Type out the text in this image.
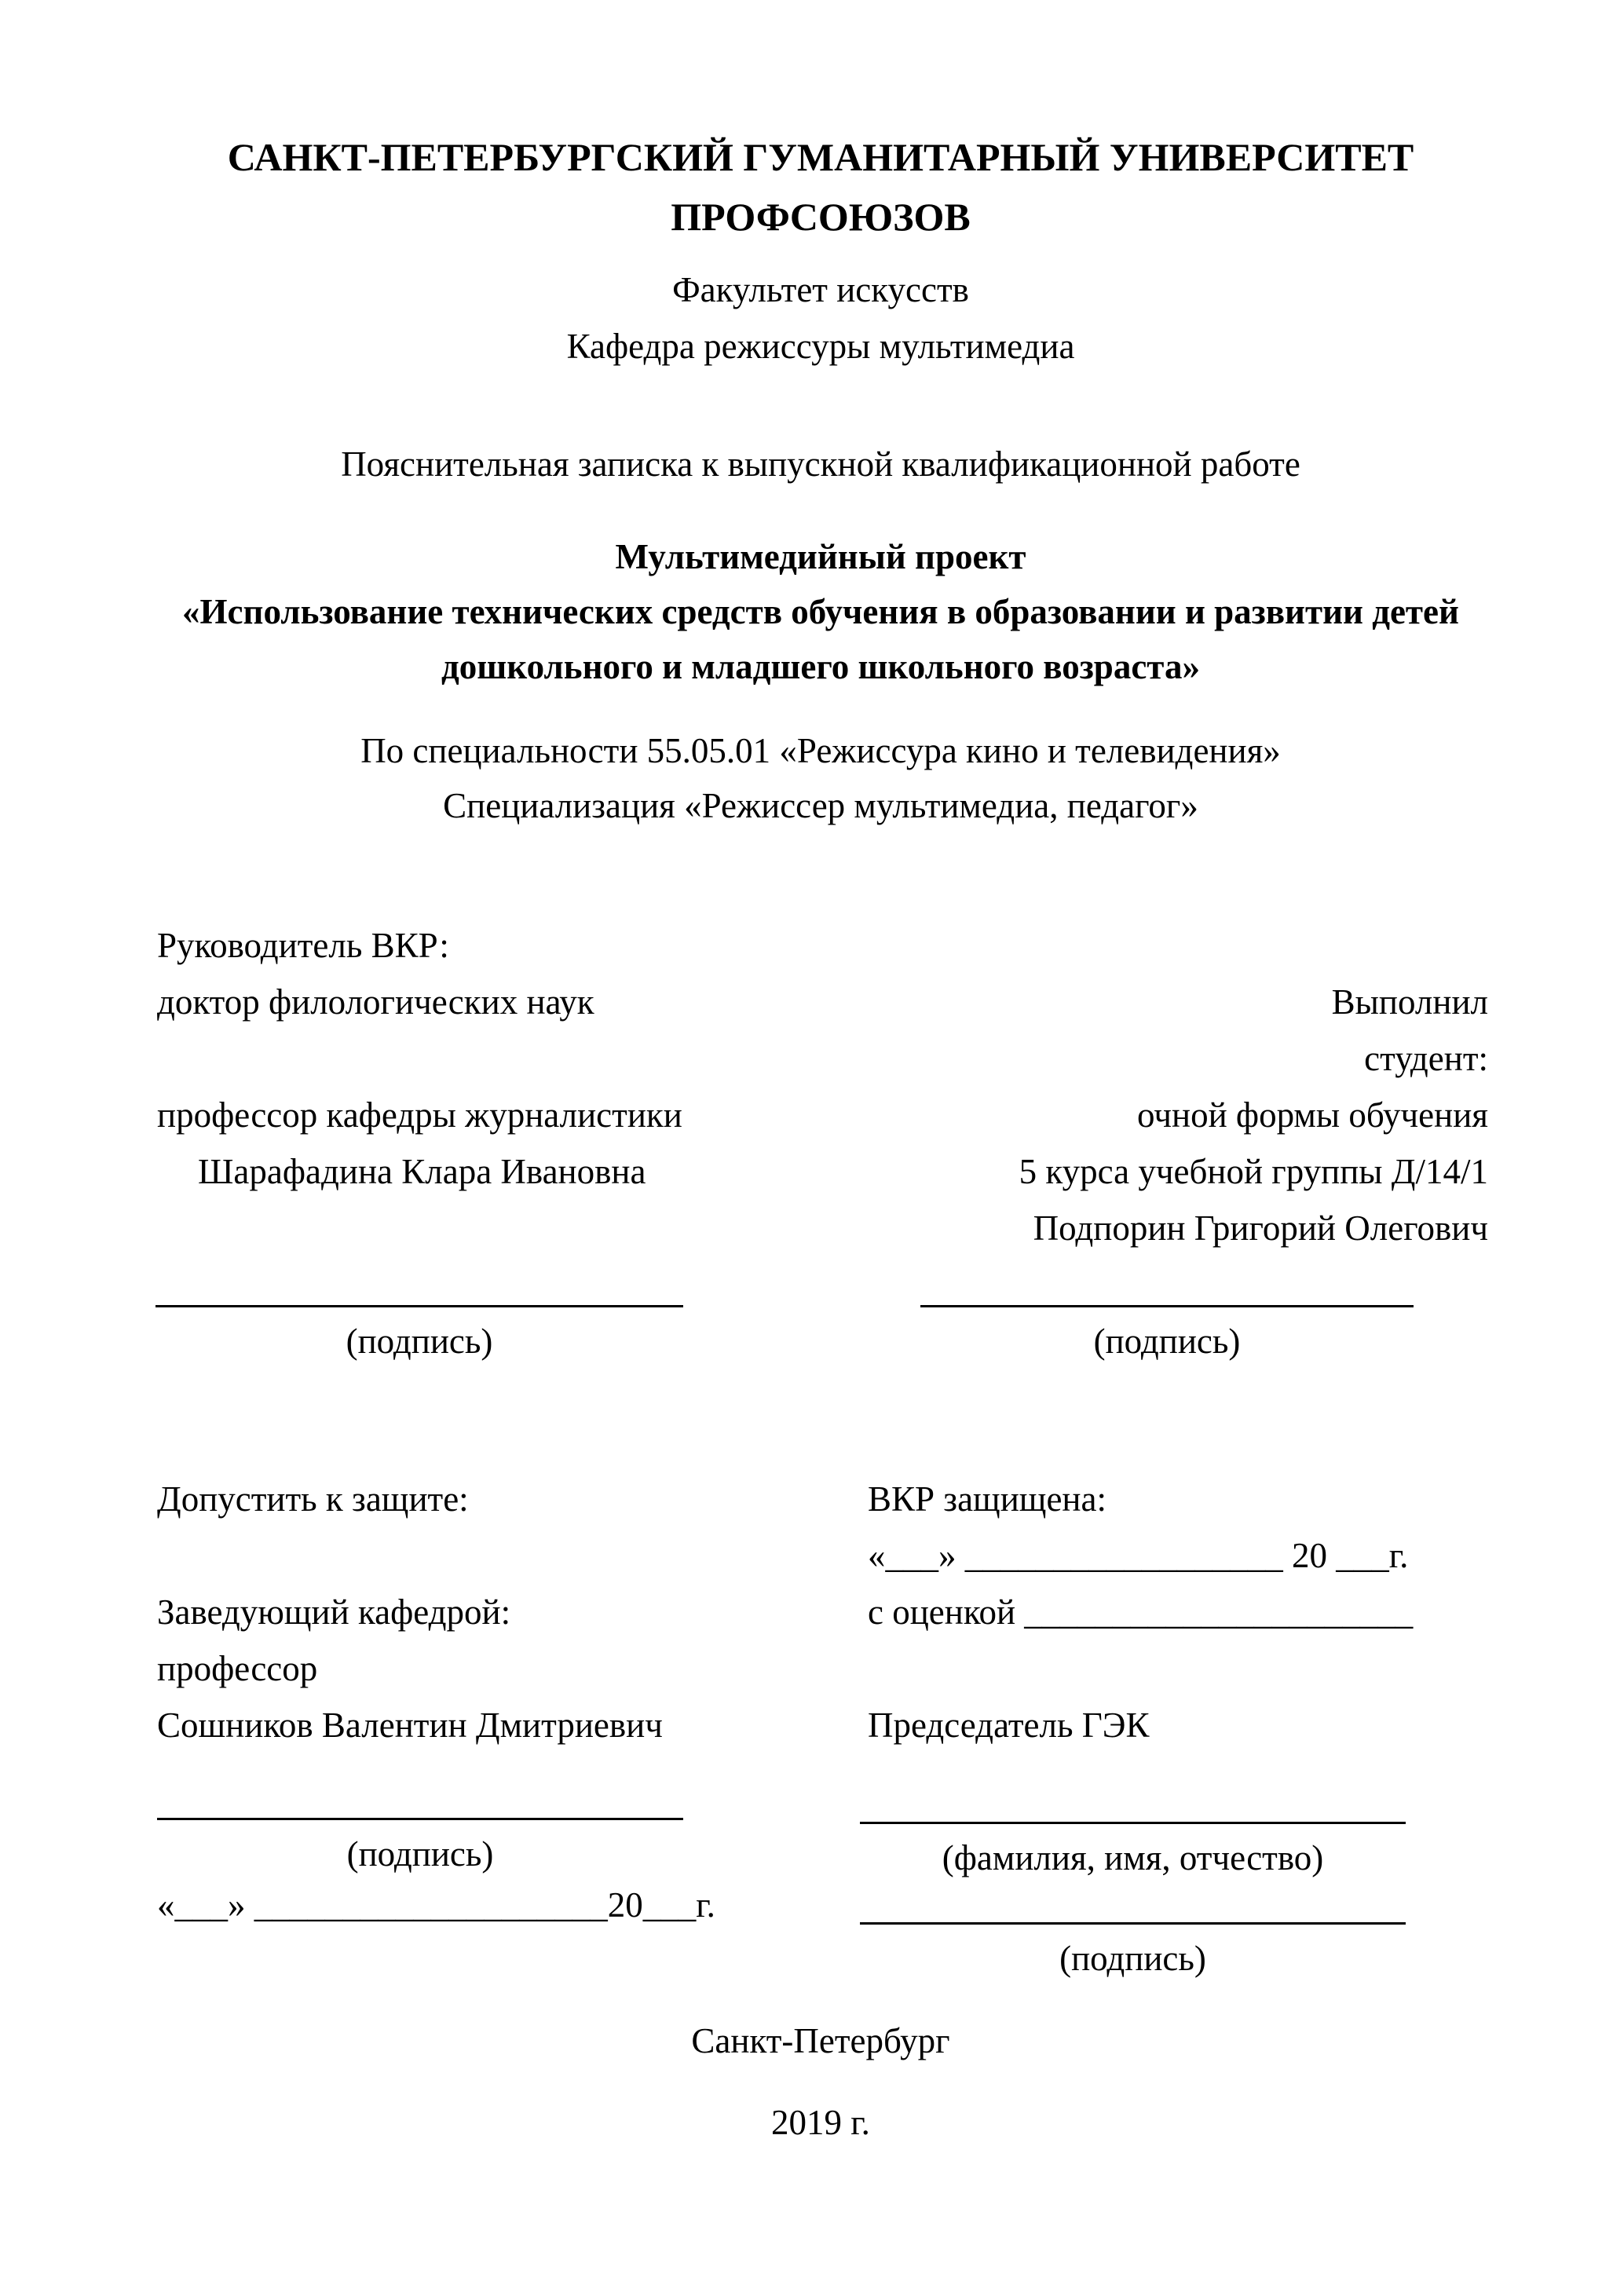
САНКТ-ПЕТЕРБУРГСКИЙ ГУМАНИТАРНЫЙ УНИВЕРСИТЕТ
ПРОФСОЮЗОВ
Факультет искусств
Кафедра режиссуры мультимедиа
Пояснительная записка к выпускной квалификационной работе
Мультимедийный проект
«Использование технических средств обучения в образовании и развитии детей
дошкольного и младшего школьного возраста»
По специальности 55.05.01 «Режиссура кино и телевидения»
Специализация «Режиссер мультимедиа, педагог»
Руководитель ВКР:
доктор филологических наук
профессор кафедры журналистики
Шарафадина Клара Ивановна
Выполнил
студент:
очной формы обучения
5 курса учебной группы Д/14/1
Подпорин Григорий Олегович
(подпись)	(подпись)
Допустить к защите:
Заведующий кафедрой:
профессор
Сошников Валентин Дмитриевич
ВКР защищена:
«___» __________________ 20 ___г.
с оценкой ______________________
Председатель ГЭК
(подпись)
«___» ____________________20___г.
(фамилия, имя, отчество)
(подпись)
Санкт-Петербург
2019 г.
